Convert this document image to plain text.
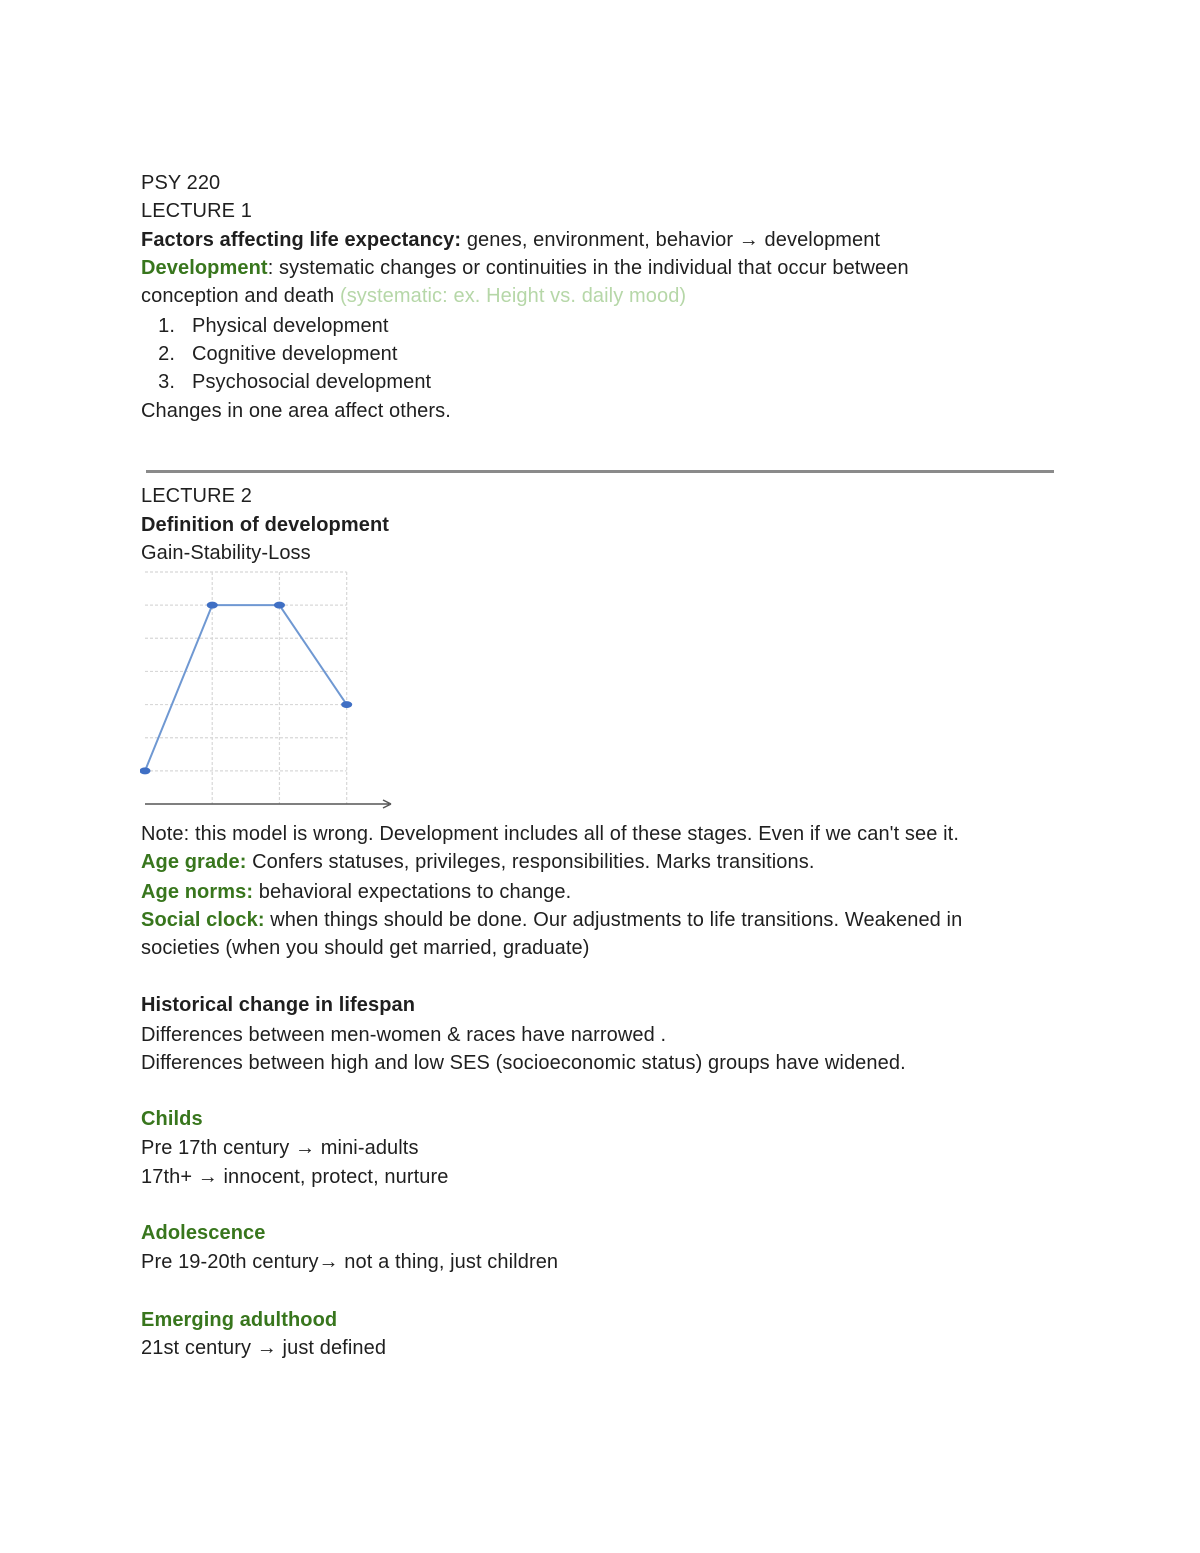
PSY 220
LECTURE 1
Factors affecting life expectancy: genes, environment, behavior → development
Development: systematic changes or continuities in the individual that occur between
conception and death (systematic: ex. Height vs. daily mood)
1. Physical development
2. Cognitive development
3. Psychosocial development
Changes in one area affect others.
LECTURE 2
Definition of development
Gain-Stability-Loss
Note: this model is wrong. Development includes all of these stages. Even if we can't see it.
Age grade: Confers statuses, privileges, responsibilities. Marks transitions.
Age norms: behavioral expectations to change.
Social clock: when things should be done. Our adjustments to life transitions. Weakened in
societies (when you should get married, graduate)
Historical change in lifespan
Differences between men-women & races have narrowed .
Differences between high and low SES (socioeconomic status) groups have widened.
Childs
Pre 17th century → mini-adults
17th+ → innocent, protect, nurture
Adolescence
Pre 19-20th century→ not a thing, just children
Emerging adulthood
21st century → just defined
